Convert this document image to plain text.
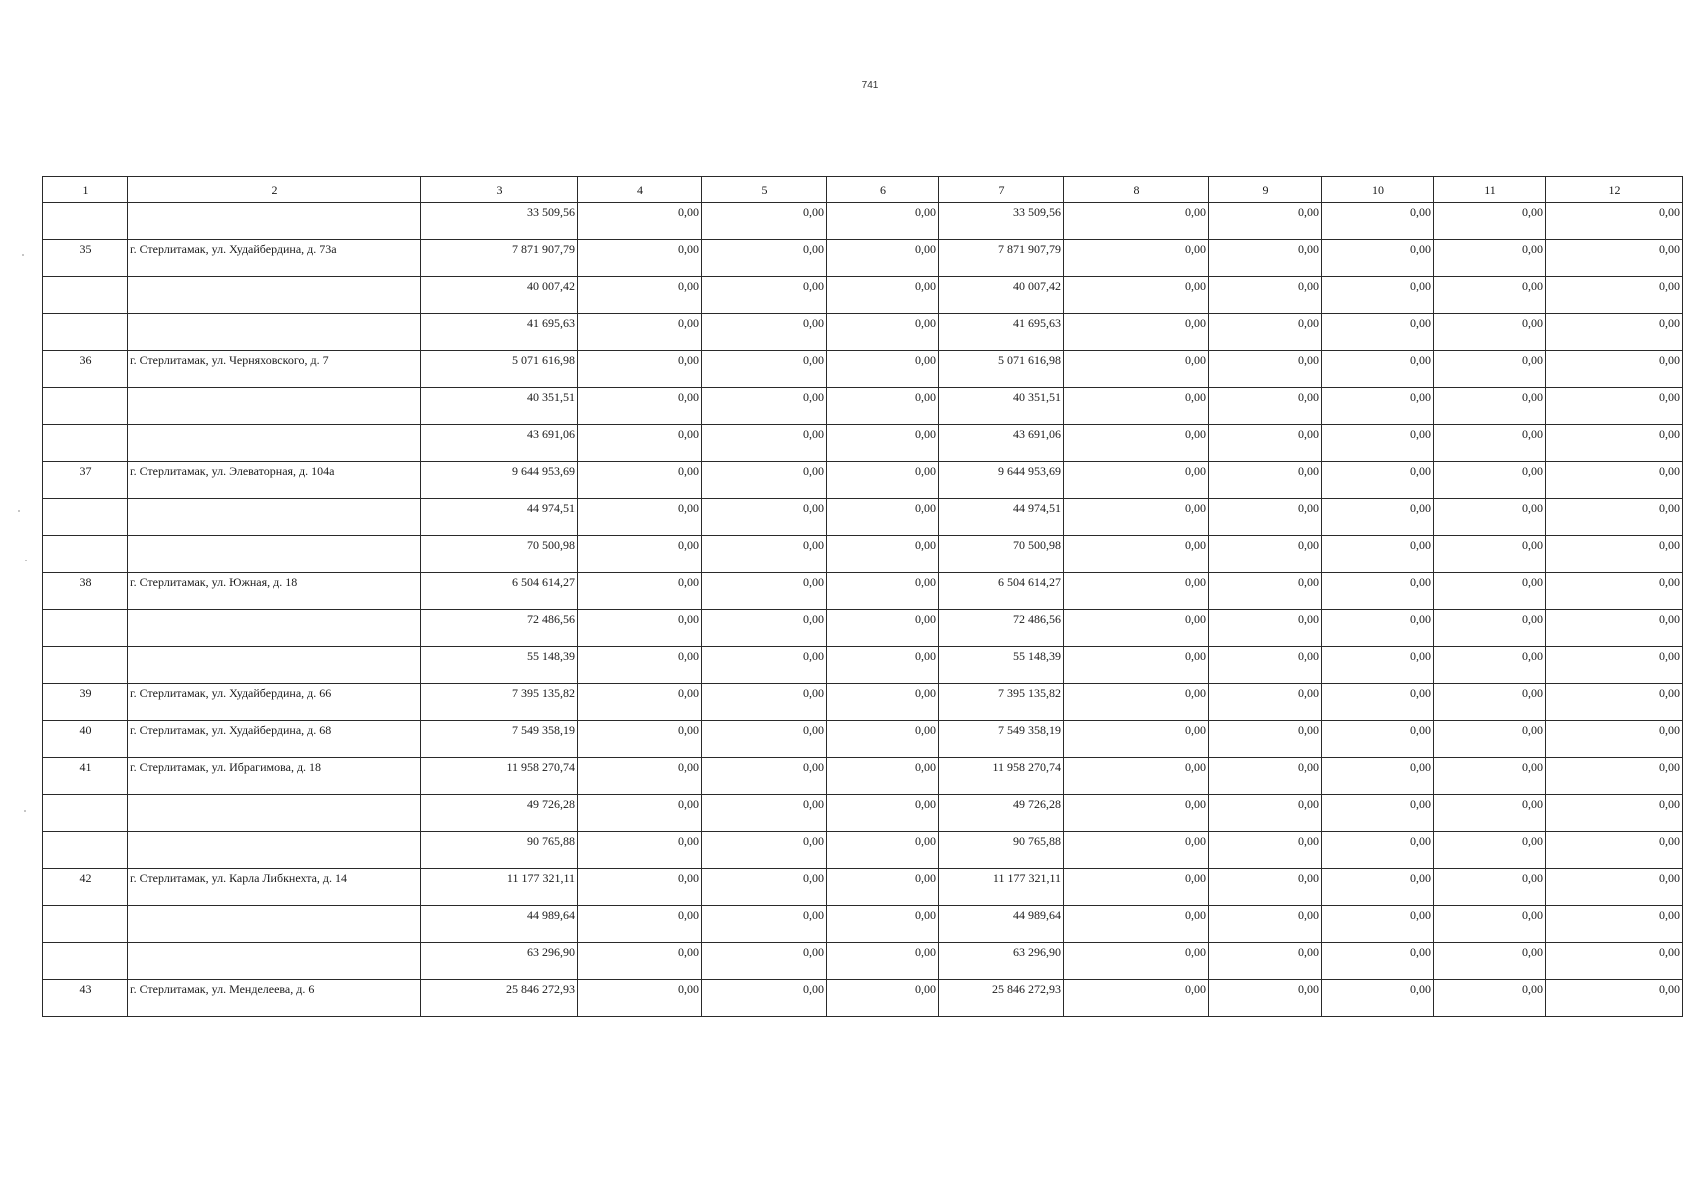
741
1	2	3	4	5	6	7	8	9	10	11	12
		33 509,56	0,00	0,00	0,00	33 509,56	0,00	0,00	0,00	0,00	0,00
35	г. Стерлитамак, ул. Худайбердина, д. 73а	7 871 907,79	0,00	0,00	0,00	7 871 907,79	0,00	0,00	0,00	0,00	0,00
		40 007,42	0,00	0,00	0,00	40 007,42	0,00	0,00	0,00	0,00	0,00
		41 695,63	0,00	0,00	0,00	41 695,63	0,00	0,00	0,00	0,00	0,00
36	г. Стерлитамак, ул. Черняховского, д. 7	5 071 616,98	0,00	0,00	0,00	5 071 616,98	0,00	0,00	0,00	0,00	0,00
		40 351,51	0,00	0,00	0,00	40 351,51	0,00	0,00	0,00	0,00	0,00
		43 691,06	0,00	0,00	0,00	43 691,06	0,00	0,00	0,00	0,00	0,00
37	г. Стерлитамак, ул. Элеваторная, д. 104а	9 644 953,69	0,00	0,00	0,00	9 644 953,69	0,00	0,00	0,00	0,00	0,00
		44 974,51	0,00	0,00	0,00	44 974,51	0,00	0,00	0,00	0,00	0,00
		70 500,98	0,00	0,00	0,00	70 500,98	0,00	0,00	0,00	0,00	0,00
38	г. Стерлитамак, ул. Южная, д. 18	6 504 614,27	0,00	0,00	0,00	6 504 614,27	0,00	0,00	0,00	0,00	0,00
		72 486,56	0,00	0,00	0,00	72 486,56	0,00	0,00	0,00	0,00	0,00
		55 148,39	0,00	0,00	0,00	55 148,39	0,00	0,00	0,00	0,00	0,00
39	г. Стерлитамак, ул. Худайбердина, д. 66	7 395 135,82	0,00	0,00	0,00	7 395 135,82	0,00	0,00	0,00	0,00	0,00
40	г. Стерлитамак, ул. Худайбердина, д. 68	7 549 358,19	0,00	0,00	0,00	7 549 358,19	0,00	0,00	0,00	0,00	0,00
41	г. Стерлитамак, ул. Ибрагимова, д. 18	11 958 270,74	0,00	0,00	0,00	11 958 270,74	0,00	0,00	0,00	0,00	0,00
		49 726,28	0,00	0,00	0,00	49 726,28	0,00	0,00	0,00	0,00	0,00
		90 765,88	0,00	0,00	0,00	90 765,88	0,00	0,00	0,00	0,00	0,00
42	г. Стерлитамак, ул. Карла Либкнехта, д. 14	11 177 321,11	0,00	0,00	0,00	11 177 321,11	0,00	0,00	0,00	0,00	0,00
		44 989,64	0,00	0,00	0,00	44 989,64	0,00	0,00	0,00	0,00	0,00
		63 296,90	0,00	0,00	0,00	63 296,90	0,00	0,00	0,00	0,00	0,00
43	г. Стерлитамак, ул. Менделеева, д. 6	25 846 272,93	0,00	0,00	0,00	25 846 272,93	0,00	0,00	0,00	0,00	0,00
